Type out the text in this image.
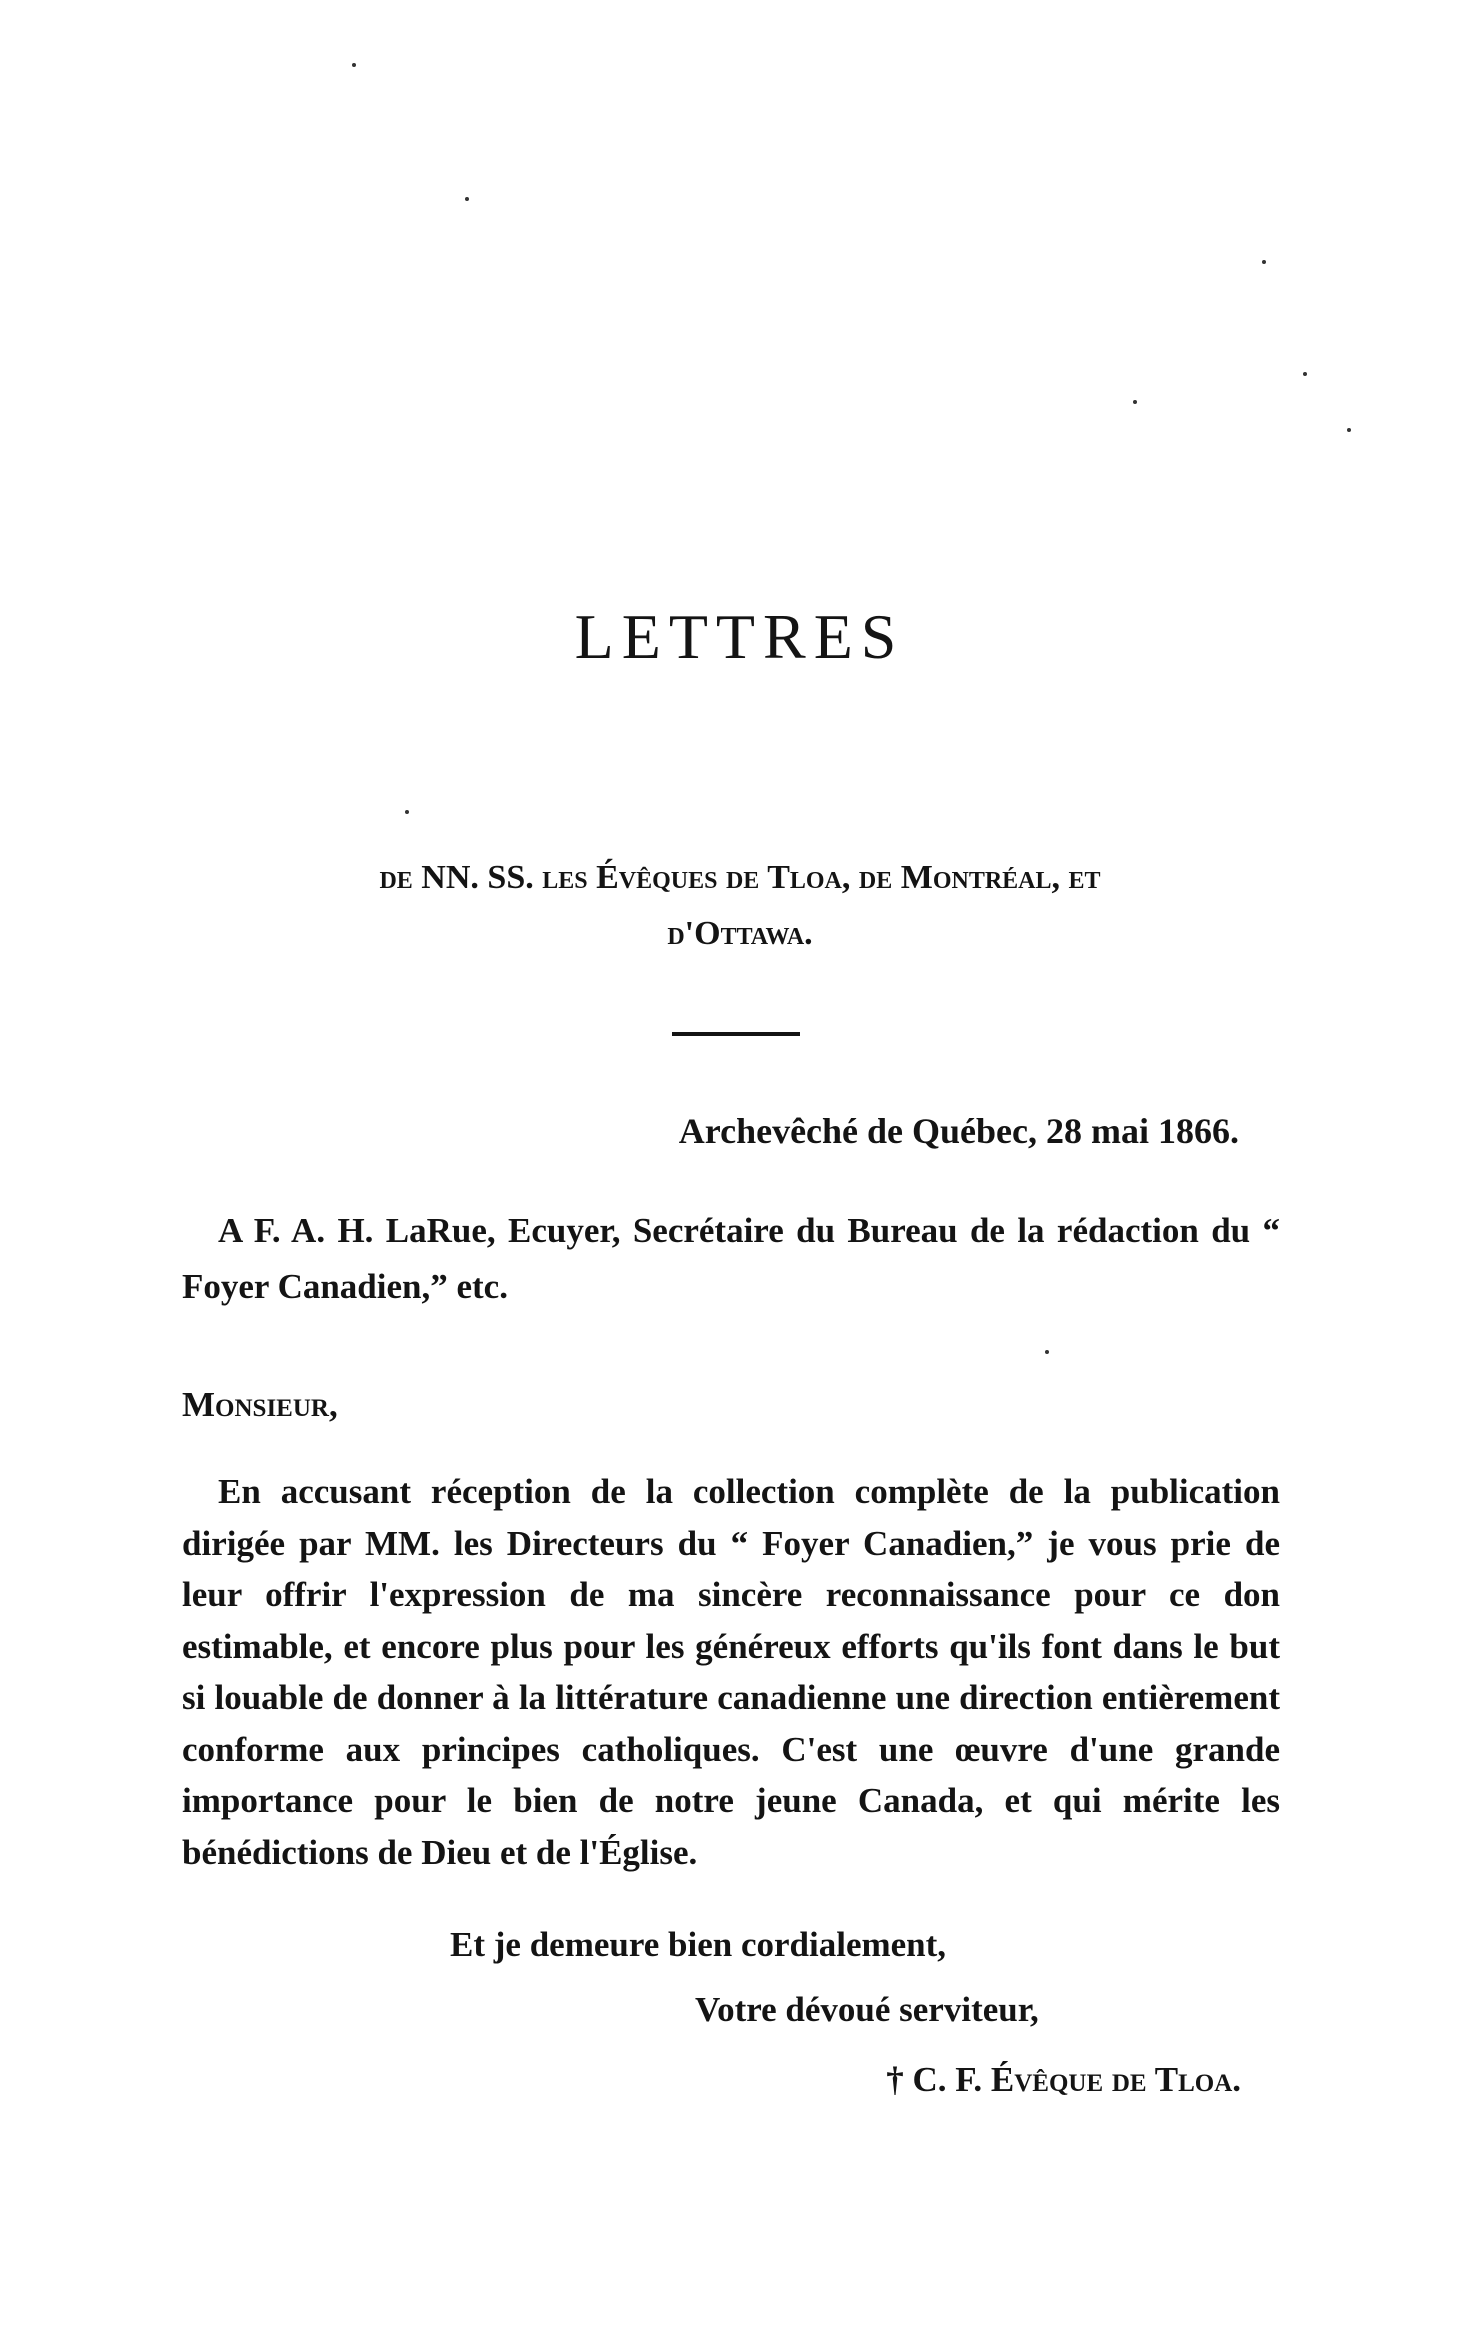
LETTRES
de NN. SS. les Évêques de Tloa, de Montréal, et
d'Ottawa.
Archevêché de Québec, 28 mai 1866.
A F. A. H. LaRue, Ecuyer, Secrétaire du Bureau de la rédaction du “ Foyer Canadien,” etc.
Monsieur,
En accusant réception de la collection complète de la publication dirigée par MM. les Directeurs du “ Foyer Canadien,” je vous prie de leur offrir l'expression de ma sincère reconnaissance pour ce don estimable, et encore plus pour les généreux efforts qu'ils font dans le but si louable de donner à la littérature canadienne une direction entièrement conforme aux principes catholiques. C'est une œuvre d'une grande importance pour le bien de notre jeune Canada, et qui mérite les bénédictions de Dieu et de l'Église.
Et je demeure bien cordialement,
Votre dévoué serviteur,
† C. F. Évêque de Tloa.
